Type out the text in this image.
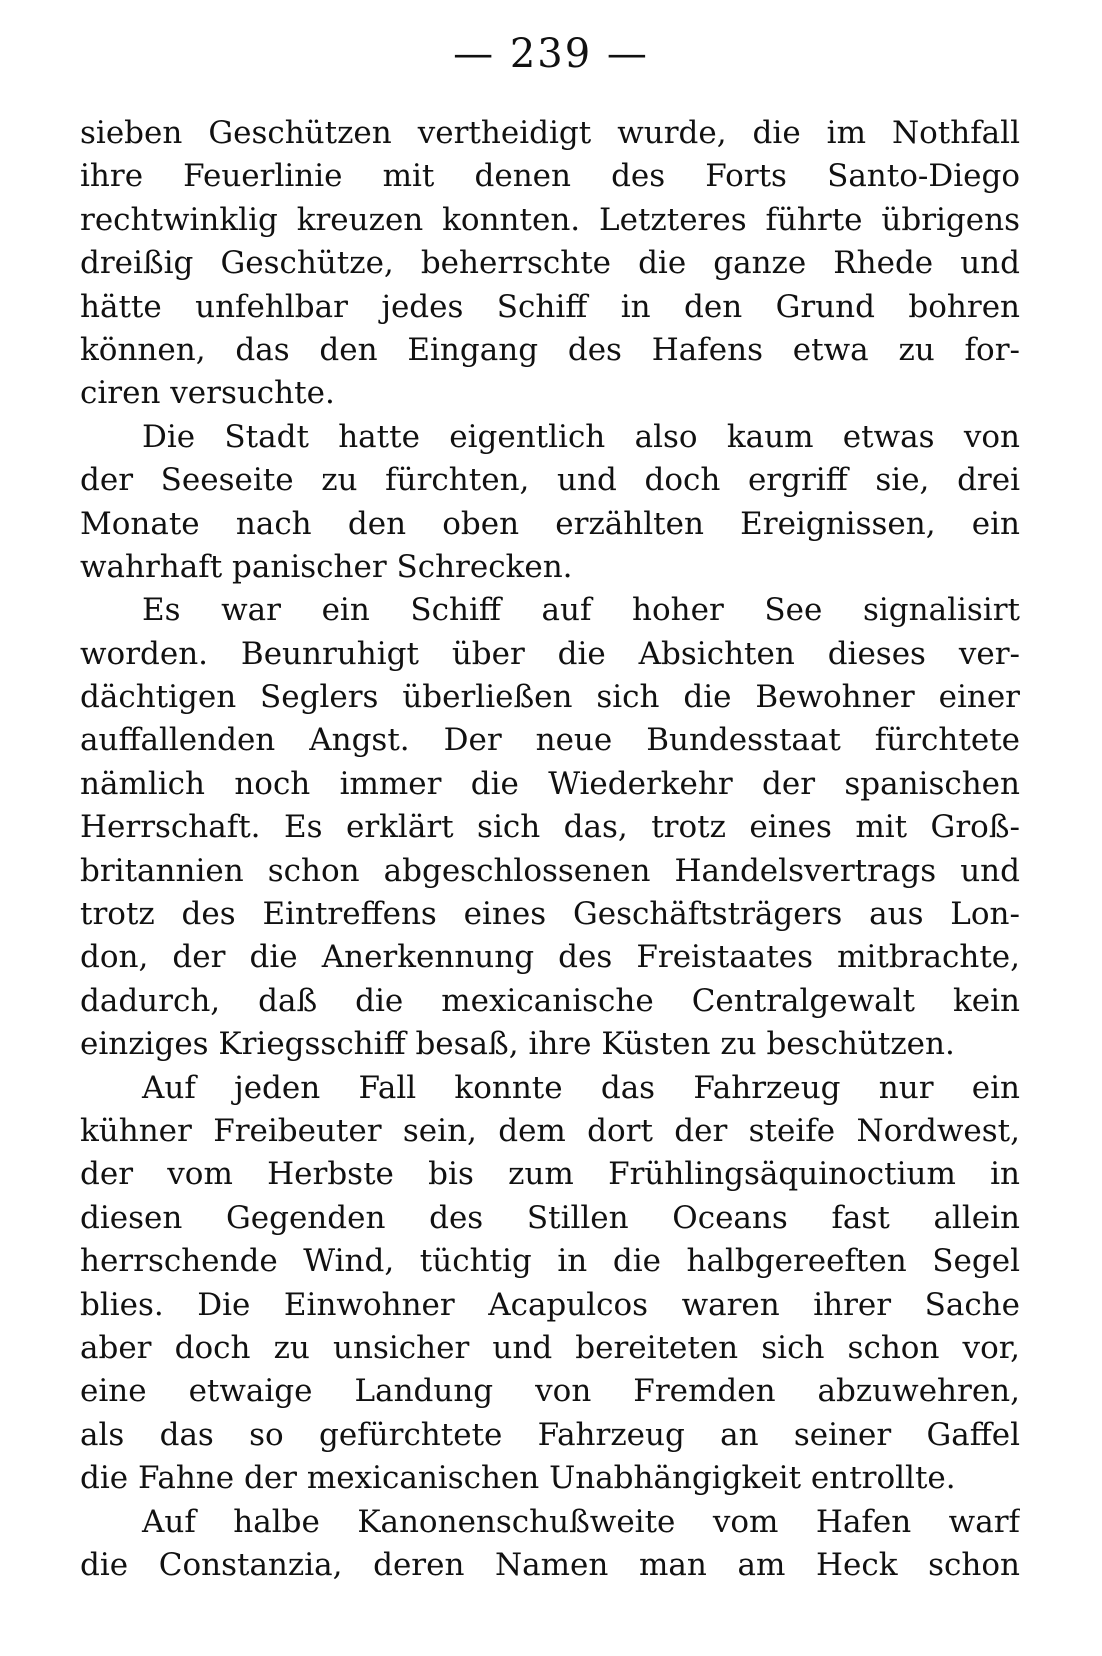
— 239 —
sieben Geschützen vertheidigt wurde, die im Nothfall
ihre Feuerlinie mit denen des Forts Santo-Diego
rechtwinklig kreuzen konnten. Letzteres führte übrigens
dreißig Geschütze, beherrschte die ganze Rhede und
hätte unfehlbar jedes Schiff in den Grund bohren
können, das den Eingang des Hafens etwa zu for-
ciren versuchte.
Die Stadt hatte eigentlich also kaum etwas von
der Seeseite zu fürchten, und doch ergriff sie, drei
Monate nach den oben erzählten Ereignissen, ein
wahrhaft panischer Schrecken.
Es war ein Schiff auf hoher See signalisirt
worden. Beunruhigt über die Absichten dieses ver-
dächtigen Seglers überließen sich die Bewohner einer
auffallenden Angst. Der neue Bundesstaat fürchtete
nämlich noch immer die Wiederkehr der spanischen
Herrschaft. Es erklärt sich das, trotz eines mit Groß-
britannien schon abgeschlossenen Handelsvertrags und
trotz des Eintreffens eines Geschäftsträgers aus Lon-
don, der die Anerkennung des Freistaates mitbrachte,
dadurch, daß die mexicanische Centralgewalt kein
einziges Kriegsschiff besaß, ihre Küsten zu beschützen.
Auf jeden Fall konnte das Fahrzeug nur ein
kühner Freibeuter sein, dem dort der steife Nordwest,
der vom Herbste bis zum Frühlingsäquinoctium in
diesen Gegenden des Stillen Oceans fast allein
herrschende Wind, tüchtig in die halbgereeften Segel
blies. Die Einwohner Acapulcos waren ihrer Sache
aber doch zu unsicher und bereiteten sich schon vor,
eine etwaige Landung von Fremden abzuwehren,
als das so gefürchtete Fahrzeug an seiner Gaffel
die Fahne der mexicanischen Unabhängigkeit entrollte.
Auf halbe Kanonenschußweite vom Hafen warf
die Constanzia, deren Namen man am Heck schon
